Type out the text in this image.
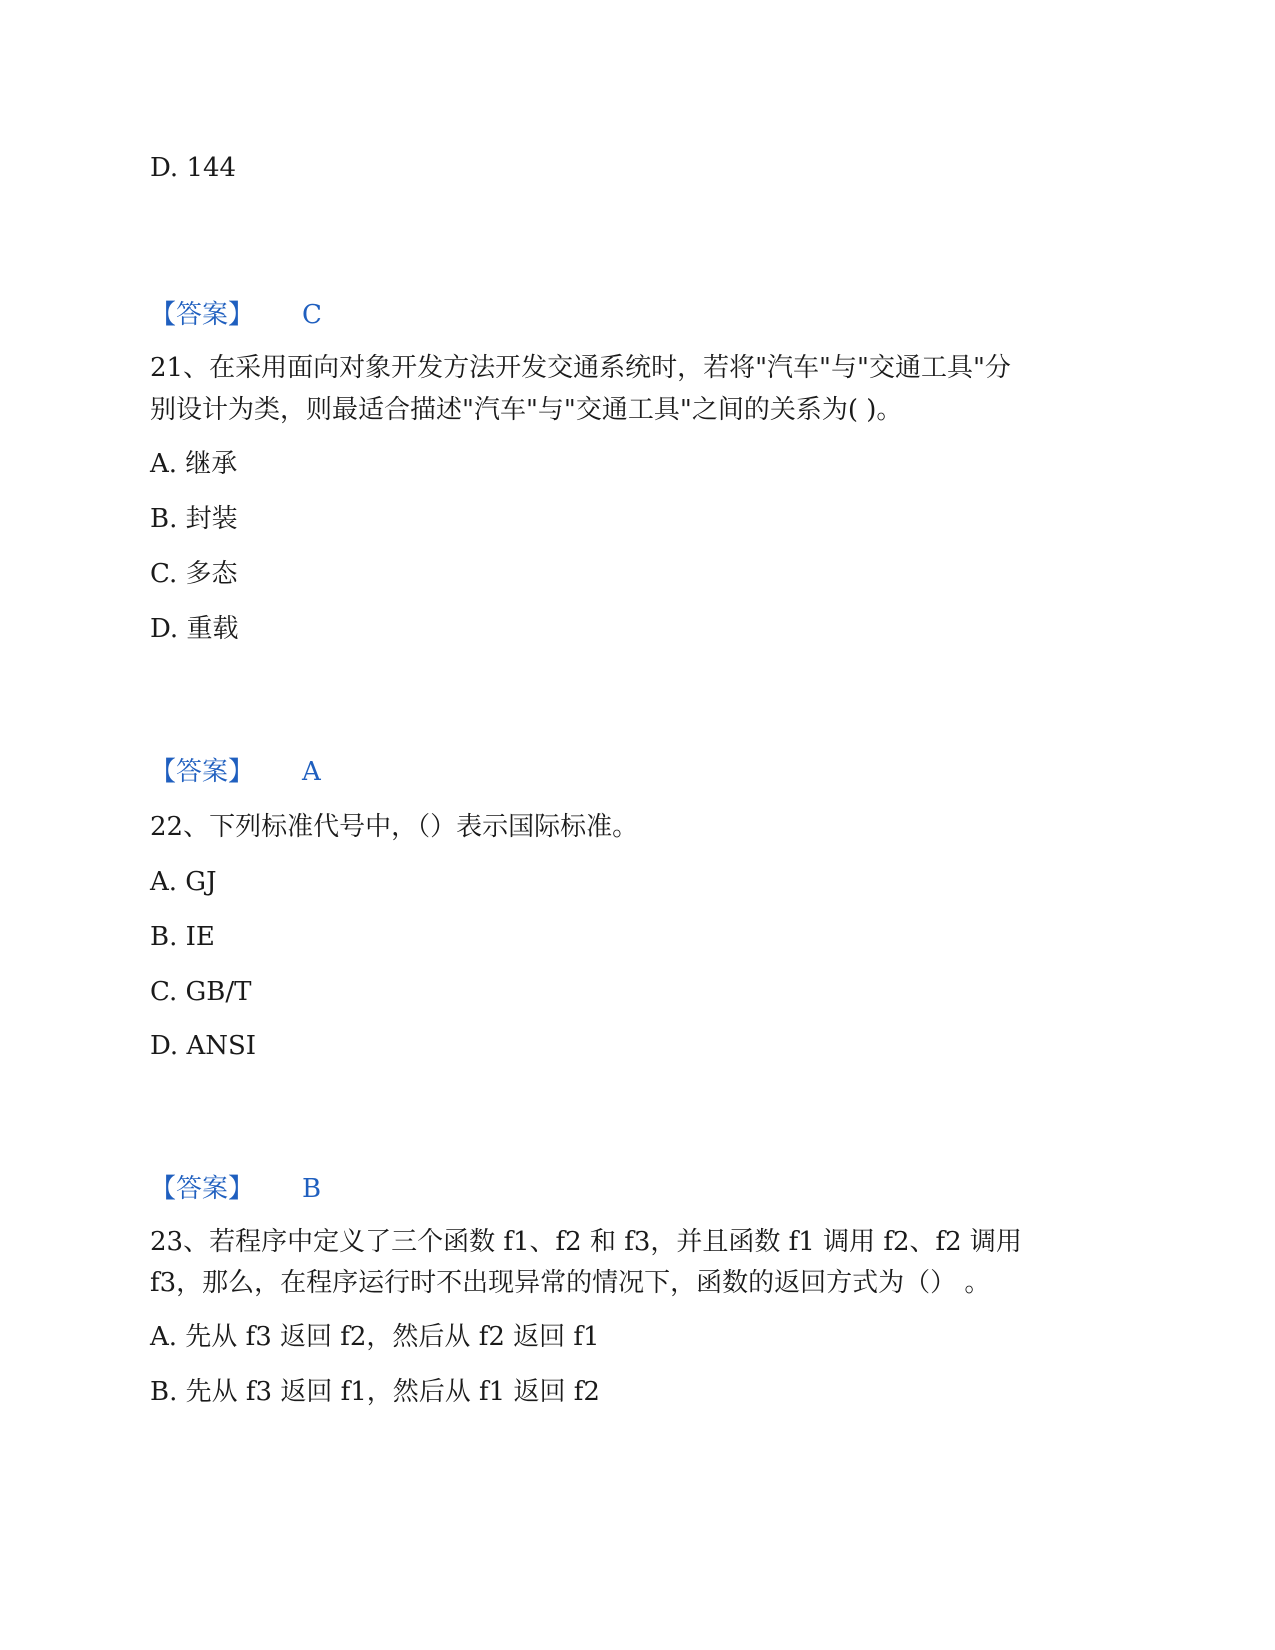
D. 144
【答案】 C
21、在采用面向对象开发方法开发交通系统时，若将"汽车"与"交通工具"分
别设计为类，则最适合描述"汽车"与"交通工具"之间的关系为( )。
A. 继承
B. 封装
C. 多态
D. 重载
【答案】 A
22、下列标准代号中，（）表示国际标准。
A. GJ
B. IE
C. GB/T
D. ANSI
【答案】 B
23、若程序中定义了三个函数 f1、f2 和 f3，并且函数 f1 调用 f2、f2 调用
f3，那么，在程序运行时不出现异常的情况下，函数的返回方式为（） 。
A. 先从 f3 返回 f2，然后从 f2 返回 f1
B. 先从 f3 返回 f1，然后从 f1 返回 f2
